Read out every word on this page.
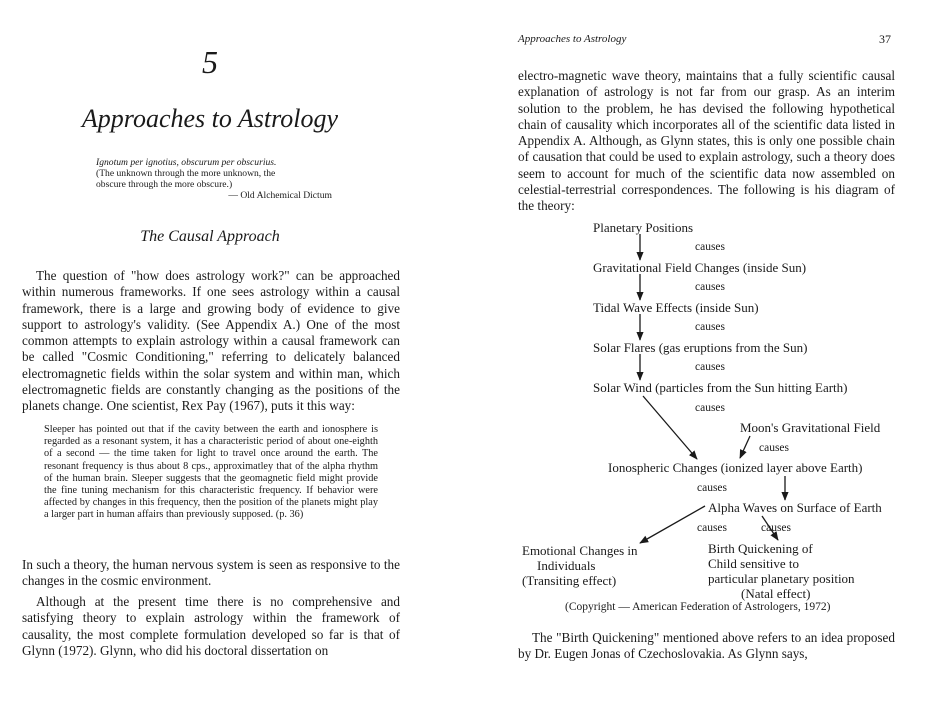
5
Approaches to Astrology
Ignotum per ignotius, obscurum per obscurius.
(The unknown through the more unknown, the
obscure through the more obscure.)
— Old Alchemical Dictum
The Causal Approach
The question of "how does astrology work?" can be approached within numerous frameworks. If one sees astrology within a causal framework, there is a large and growing body of evidence to give support to astrology's validity. (See Appendix A.) One of the most common attempts to explain astrology within a causal framework can be called "Cosmic Conditioning," referring to delicately balanced electromagnetic fields within the solar system and within man, which electromagnetic fields are constantly changing as the positions of the planets change. One scientist, Rex Pay (1967), puts it this way:
Sleeper has pointed out that if the cavity between the earth and ionosphere is regarded as a resonant system, it has a characteristic period of about one-eighth of a second — the time taken for light to travel once around the earth. The resonant frequency is thus about 8 cps., approximatley that of the alpha rhythm of the human brain. Sleeper suggests that the geomagnetic field might provide the fine tuning mechanism for this characteristic frequency. If behavior were affected by changes in this frequency, then the position of the planets might play a larger part in human affairs than previously supposed. (p. 36)
In such a theory, the human nervous system is seen as responsive to the changes in the cosmic environment.
Although at the present time there is no comprehensive and satisfying theory to explain astrology within the framework of causality, the most complete formulation developed so far is that of Glynn (1972). Glynn, who did his doctoral dissertation on
Approaches to Astrology	37
electro-magnetic wave theory, maintains that a fully scientific causal explanation of astrology is not far from our grasp. As an interim solution to the problem, he has devised the following hypothetical chain of causality which incorporates all of the scientific data listed in Appendix A. Although, as Glynn states, this is only one possible chain of causation that could be used to explain astrology, such a theory does seem to account for much of the scientific data now assembled on celestial-terrestrial correspondences. The following is his diagram of the theory:
Planetary Positions
causes
Gravitational Field Changes (inside Sun)
causes
Tidal Wave Effects (inside Sun)
causes
Solar Flares (gas eruptions from the Sun)
causes
Solar Wind (particles from the Sun hitting Earth)
causes
Moon's Gravitational Field
causes
Ionospheric Changes (ionized layer above Earth)
causes
Alpha Waves on Surface of Earth
causes	causes
Emotional Changes in
Individuals
(Transiting effect)
Birth Quickening of
Child sensitive to
particular planetary position
(Natal effect)
(Copyright — American Federation of Astrologers, 1972)
The "Birth Quickening" mentioned above refers to an idea proposed by Dr. Eugen Jonas of Czechoslovakia. As Glynn says,
